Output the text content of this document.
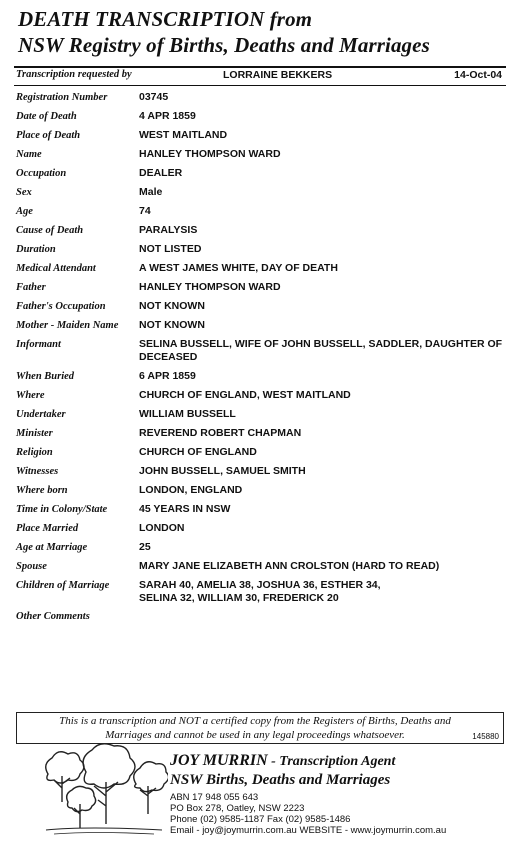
DEATH TRANSCRIPTION from
NSW Registry of Births, Deaths and Marriages
Transcription requested by	LORRAINE BEKKERS	14-Oct-04
Registration Number	03745
Date of Death	4 APR 1859
Place of Death	WEST MAITLAND
Name	HANLEY THOMPSON WARD
Occupation	DEALER
Sex	Male
Age	74
Cause of Death	PARALYSIS
Duration	NOT LISTED
Medical Attendant	A WEST JAMES WHITE, DAY OF DEATH
Father	HANLEY THOMPSON WARD
Father's Occupation	NOT KNOWN
Mother - Maiden Name	NOT KNOWN
Informant	SELINA BUSSELL, WIFE OF JOHN BUSSELL, SADDLER, DAUGHTER OF DECEASED
When Buried	6 APR 1859
Where	CHURCH OF ENGLAND, WEST MAITLAND
Undertaker	WILLIAM BUSSELL
Minister	REVEREND ROBERT CHAPMAN
Religion	CHURCH OF ENGLAND
Witnesses	JOHN BUSSELL, SAMUEL SMITH
Where born	LONDON, ENGLAND
Time in Colony/State	45 YEARS IN NSW
Place Married	LONDON
Age at Marriage	25
Spouse	MARY JANE ELIZABETH ANN CROLSTON (HARD TO READ)
Children of Marriage	SARAH 40, AMELIA 38, JOSHUA 36, ESTHER 34,
SELINA 32, WILLIAM 30, FREDERICK 20
Other Comments
This is a transcription and NOT a certified copy from the Registers of Births, Deaths and
Marriages and cannot be used in any legal proceedings whatsoever.	145880
JOY MURRIN - Transcription Agent
NSW Births, Deaths and Marriages
ABN 17 948 055 643
PO Box 278, Oatley, NSW 2223
Phone (02) 9585-1187 Fax (02) 9585-1486
Email - joy@joymurrin.com.au WEBSITE - www.joymurrin.com.au
